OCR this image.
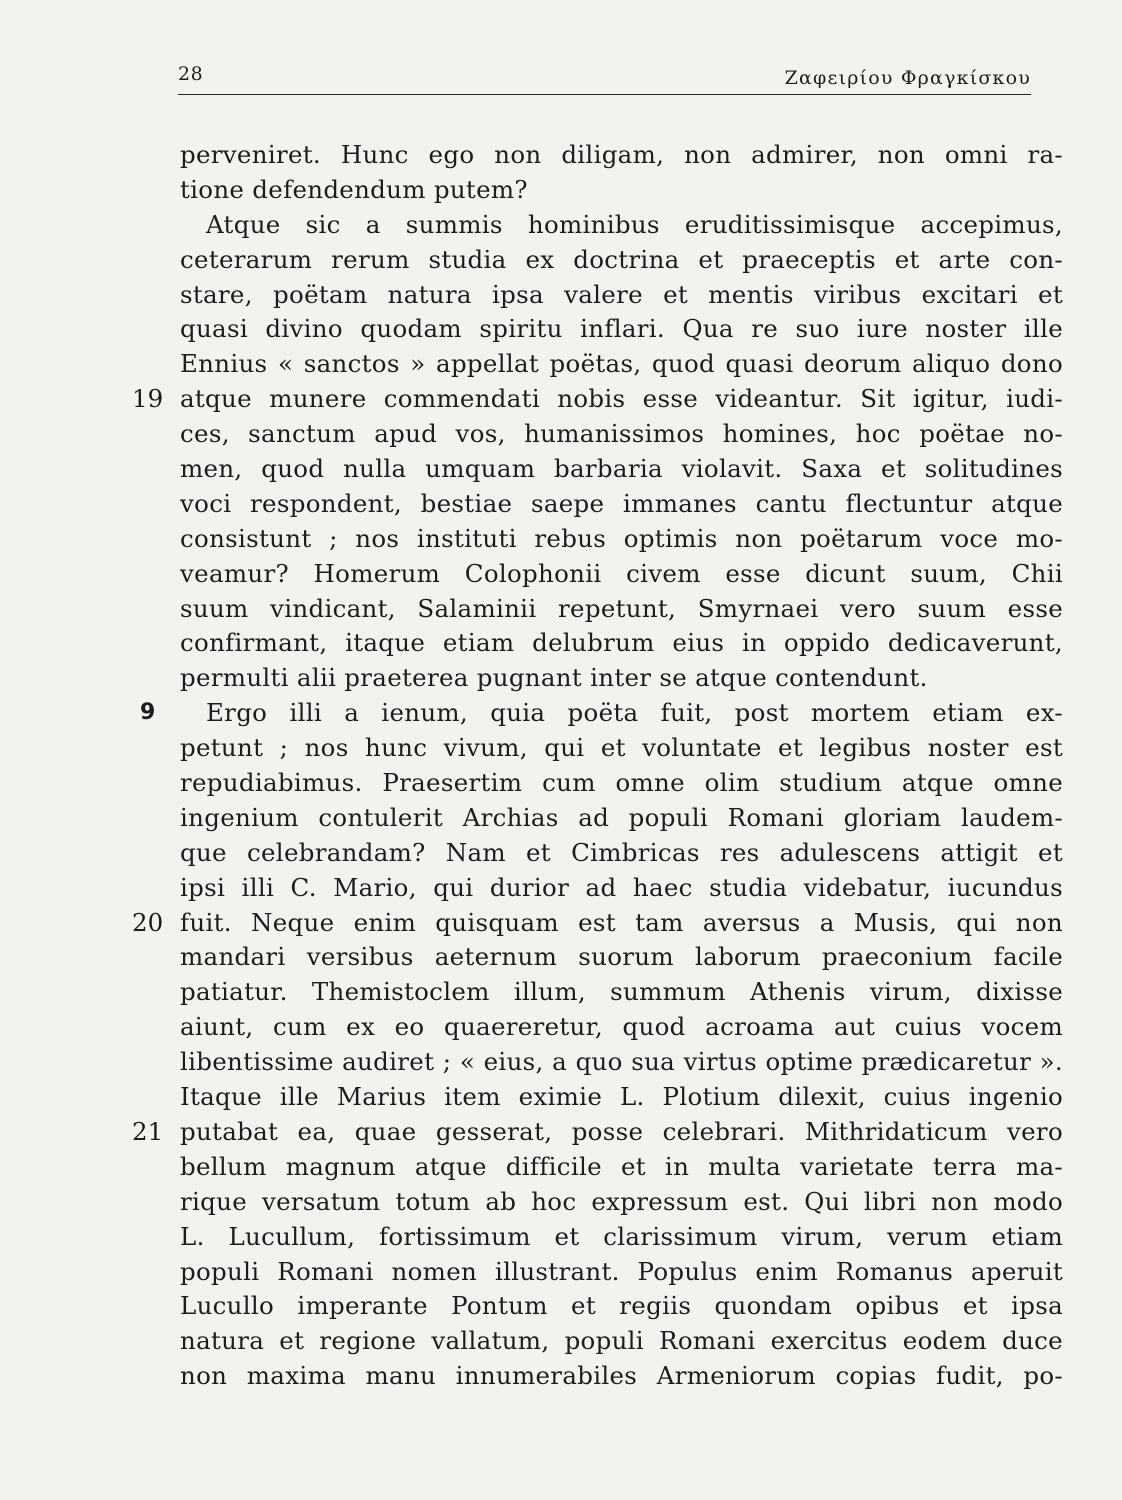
28	Ζαφειρίου Φραγκίσκου
perveniret. Hunc ego non diligam, non admirer, non omni ra-
tione defendendum putem?
Atque sic a summis hominibus eruditissimisque accepimus,
ceterarum rerum studia ex doctrina et praeceptis et arte con-
stare, poëtam natura ipsa valere et mentis viribus excitari et
quasi divino quodam spiritu inflari. Qua re suo iure noster ille
Ennius « sanctos » appellat poëtas, quod quasi deorum aliquo dono
19 atque munere commendati nobis esse videantur. Sit igitur, iudi-
ces, sanctum apud vos, humanissimos homines, hoc poëtae no-
men, quod nulla umquam barbaria violavit. Saxa et solitudines
voci respondent, bestiae saepe immanes cantu flectuntur atque
consistunt ; nos instituti rebus optimis non poëtarum voce mo-
veamur? Homerum Colophonii civem esse dicunt suum, Chii
suum vindicant, Salaminii repetunt, Smyrnaei vero suum esse
confirmant, itaque etiam delubrum eius in oppido dedicaverunt,
permulti alii praeterea pugnant inter se atque contendunt.
9	Ergo illi a ienum, quia poëta fuit, post mortem etiam ex-
petunt ; nos hunc vivum, qui et voluntate et legibus noster est
repudiabimus. Praesertim cum omne olim studium atque omne
ingenium contulerit Archias ad populi Romani gloriam laudem-
que celebrandam? Nam et Cimbricas res adulescens attigit et
ipsi illi C. Mario, qui durior ad haec studia videbatur, iucundus
20 fuit. Neque enim quisquam est tam aversus a Musis, qui non
mandari versibus aeternum suorum laborum praeconium facile
patiatur. Themistoclem illum, summum Athenis virum, dixisse
aiunt, cum ex eo quaereretur, quod acroama aut cuius vocem
libentissime audiret ; « eius, a quo sua virtus optime prædicaretur ».
Itaque ille Marius item eximie L. Plotium dilexit, cuius ingenio
21 putabat ea, quae gesserat, posse celebrari. Mithridaticum vero
bellum magnum atque difficile et in multa varietate terra ma-
rique versatum totum ab hoc expressum est. Qui libri non modo
L. Lucullum, fortissimum et clarissimum virum, verum etiam
populi Romani nomen illustrant. Populus enim Romanus aperuit
Lucullo imperante Pontum et regiis quondam opibus et ipsa
natura et regione vallatum, populi Romani exercitus eodem duce
non maxima manu innumerabiles Armeniorum copias fudit, po-
